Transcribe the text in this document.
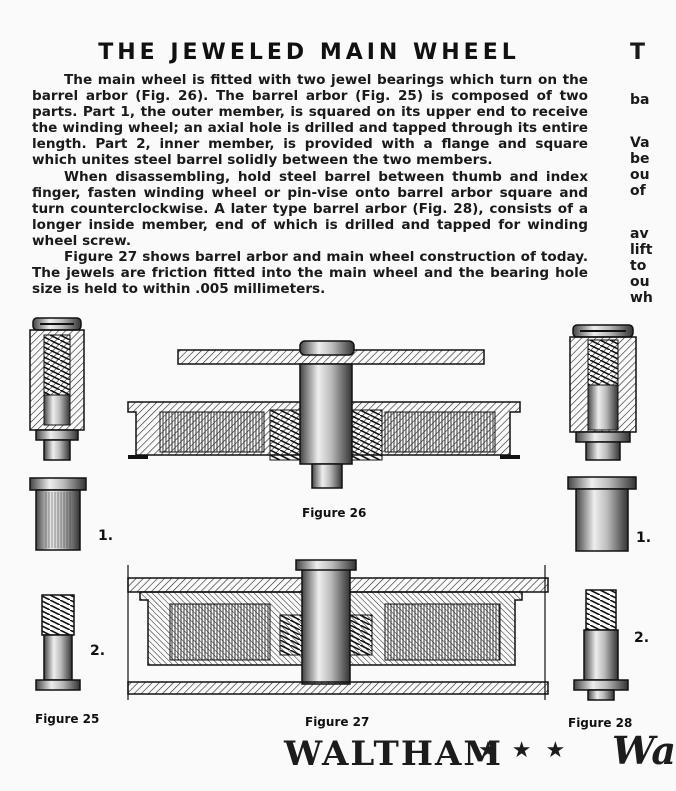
THE JEWELED MAIN WHEEL

The main wheel is fitted with two jewel bearings which turn on the barrel arbor (Fig. 26). The barrel arbor (Fig. 25) is composed of two parts. Part 1, the outer member, is squared on its upper end to receive the winding wheel; an axial hole is drilled and tapped through its entire length. Part 2, inner member, is provided with a flange and square which unites steel barrel solidly between the two members.

When disassembling, hold steel barrel between thumb and index finger, fasten winding wheel or pin-vise onto barrel arbor square and turn counterclockwise. A later type barrel arbor (Fig. 28), consists of a longer inside member, end of which is drilled and tapped for winding wheel screw.

Figure 27 shows barrel arbor and main wheel construction of today. The jewels are friction fitted into the main wheel and the bearing hole size is held to within .005 millimeters.

T
ba
Va
be
ou
of
av
lift
to
ou
wh
Figure 26
Figure 27
Figure 25	Figure 28
1.
2.
1.
2.
WALTHAM
★★★ Wa
